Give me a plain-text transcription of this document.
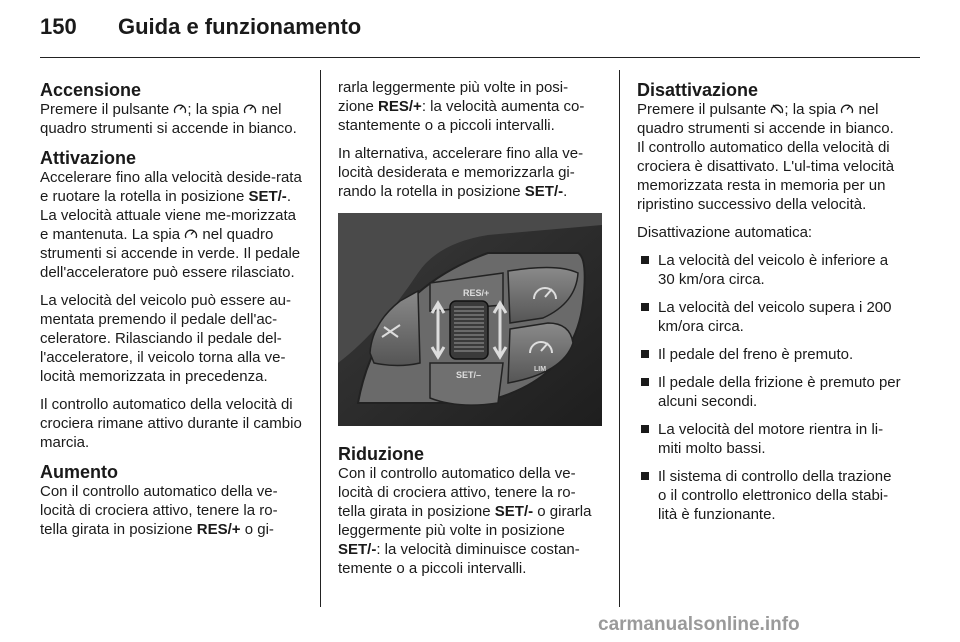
150 Guida e funzionamento
Accensione

Premere il pulsante ; la spia  nel quadro strumenti si accende in bianco.

Attivazione

Accelerare fino alla velocità deside-rata e ruotare la rotella in posizione SET/-. La velocità attuale viene me-morizzata e mantenuta. La spia  nel quadro strumenti si accende in verde. Il pedale dell'acceleratore può essere rilasciato.

La velocità del veicolo può essere au-mentata premendo il pedale dell'ac-celeratore. Rilasciando il pedale del-l'acceleratore, il veicolo torna alla ve-locità memorizzata in precedenza.

Il controllo automatico della velocità di crociera rimane attivo durante il cambio marcia.

Aumento

Con il controllo automatico della ve-locità di crociera attivo, tenere la ro-tella girata in posizione RES/+ o gi-

rarla leggermente più volte in posi-zione RES/+: la velocità aumenta co-stantemente o a piccoli intervalli.

In alternativa, accelerare fino alla ve-locità desiderata e memorizzarla gi-rando la rotella in posizione SET/-.

RES/+
SET/–
LIM
Riduzione

Con il controllo automatico della ve-locità di crociera attivo, tenere la ro-tella girata in posizione SET/- o girarla leggermente più volte in posizione SET/-: la velocità diminuisce costan-temente o a piccoli intervalli.

Disattivazione

Premere il pulsante ; la spia  nel quadro strumenti si accende in bianco. Il controllo automatico della velocità di crociera è disattivato. L'ul-tima velocità memorizzata resta in memoria per un ripristino successivo della velocità.

Disattivazione automatica:

La velocità del veicolo è inferiore a 30 km/ora circa.
La velocità del veicolo supera i 200 km/ora circa.
Il pedale del freno è premuto.
Il pedale della frizione è premuto per alcuni secondi.
La velocità del motore rientra in li-miti molto bassi.
Il sistema di controllo della trazione o il controllo elettronico della stabi-lità è funzionante.
carmanualsonline.info
